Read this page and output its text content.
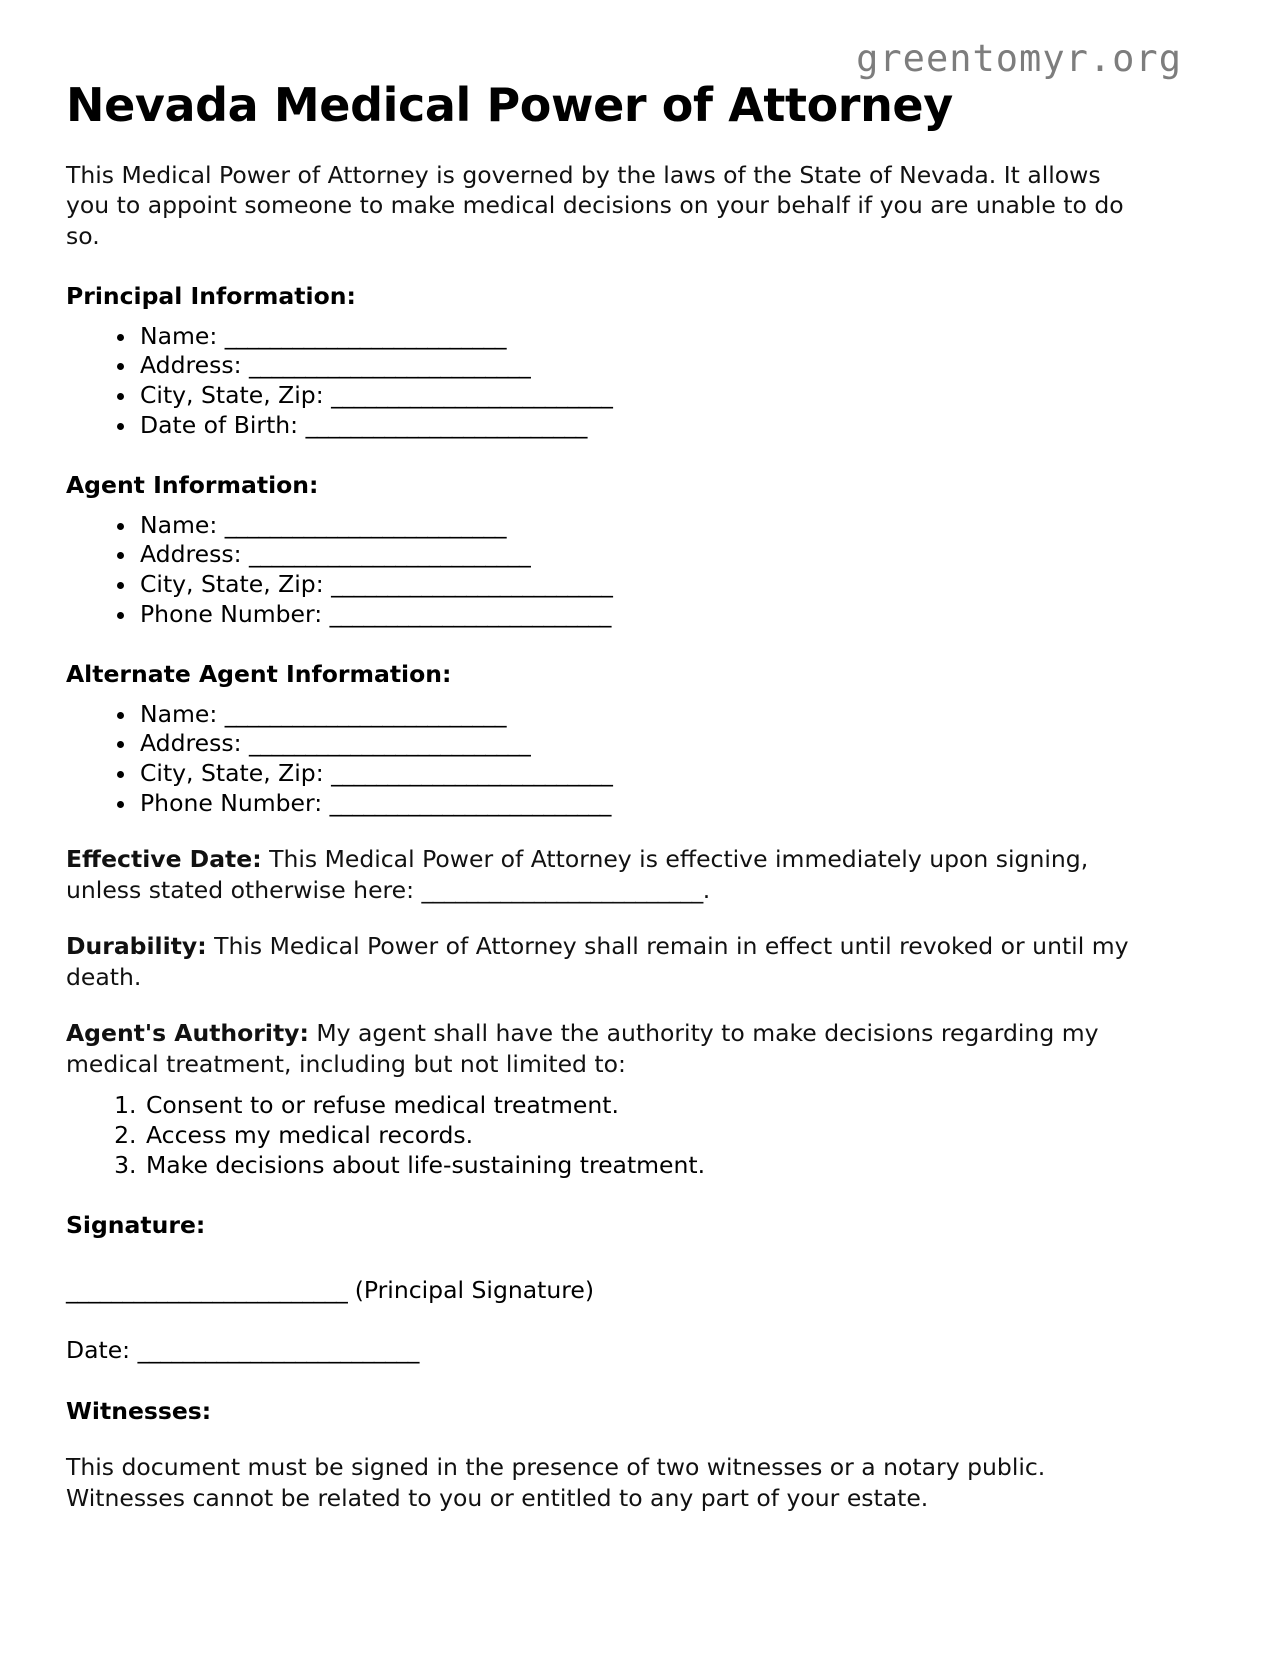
greentomyr.org
Nevada Medical Power of Attorney

This Medical Power of Attorney is governed by the laws of the State of Nevada. It allows you to appoint someone to make medical decisions on your behalf if you are unable to do so.

Principal Information:
• Name: _________________________
• Address: _________________________
• City, State, Zip: _________________________
• Date of Birth: _________________________
Agent Information:
• Name: _________________________
• Address: _________________________
• City, State, Zip: _________________________
• Phone Number: _________________________
Alternate Agent Information:
• Name: _________________________
• Address: _________________________
• City, State, Zip: _________________________
• Phone Number: _________________________

Effective Date: This Medical Power of Attorney is effective immediately upon signing, unless stated otherwise here: _________________________.

Durability: This Medical Power of Attorney shall remain in effect until revoked or until my death.

Agent's Authority: My agent shall have the authority to make decisions regarding my medical treatment, including but not limited to:

1. Consent to or refuse medical treatment.
2. Access my medical records.
3. Make decisions about life-sustaining treatment.
Signature:

_________________________ (Principal Signature)

Date: _________________________

Witnesses:

This document must be signed in the presence of two witnesses or a notary public. Witnesses cannot be related to you or entitled to any part of your estate.
